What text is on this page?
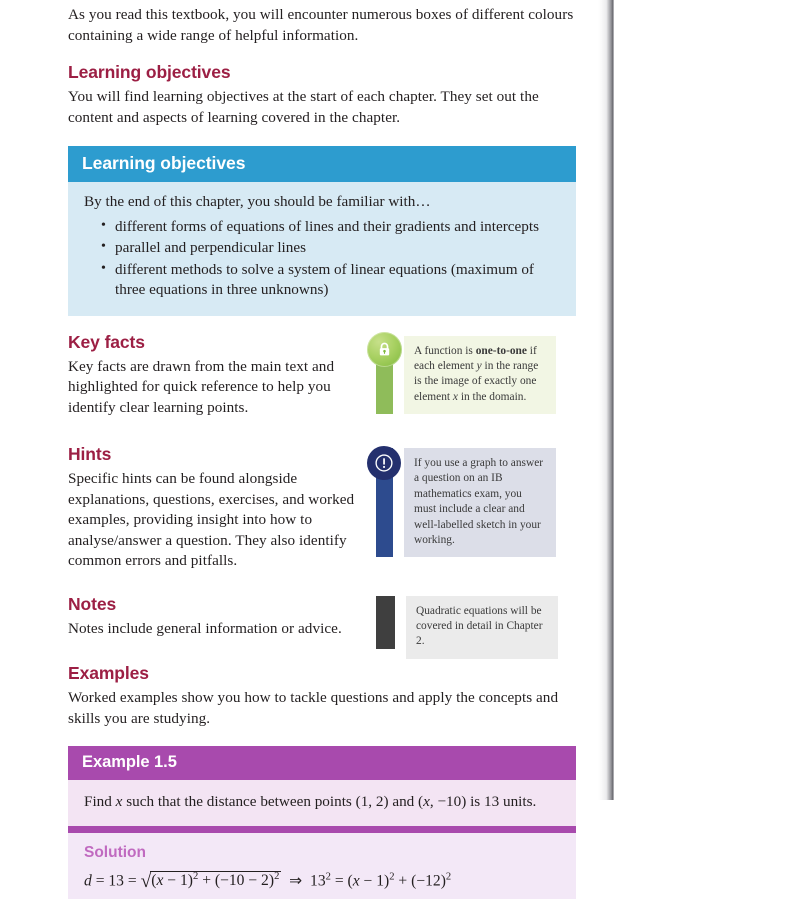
As you read this textbook, you will encounter numerous boxes of different colours containing a wide range of helpful information.

Learning objectives

You will find learning objectives at the start of each chapter. They set out the content and aspects of learning covered in the chapter.

Learning objectives

By the end of this chapter, you should be familiar with…

• different forms of equations of lines and their gradients and intercepts
• parallel and perpendicular lines
• different methods to solve a system of linear equations (maximum of three equations in three unknowns)
Key facts

Key facts are drawn from the main text and highlighted for quick reference to help you identify clear learning points.

A function is one-to-one if each element y in the range is the image of exactly one element x in the domain.
Hints

Specific hints can be found alongside explanations, questions, exercises, and worked examples, providing insight into how to analyse/answer a question. They also identify common errors and pitfalls.

If you use a graph to answer a question on an IB mathematics exam, you must include a clear and well-labelled sketch in your working.
Notes

Notes include general information or advice.

Quadratic equations will be covered in detail in Chapter 2.
Examples

Worked examples show you how to tackle questions and apply the concepts and skills you are studying.

Example 1.5
Find x such that the distance between points (1, 2) and (x, −10) is 13 units.
Solution
$d = 13 = √(x - 1)^2 + (-10 - 2)^2$  ⇒  $13^2 = (x - 1)^2 + (-12)^2$
